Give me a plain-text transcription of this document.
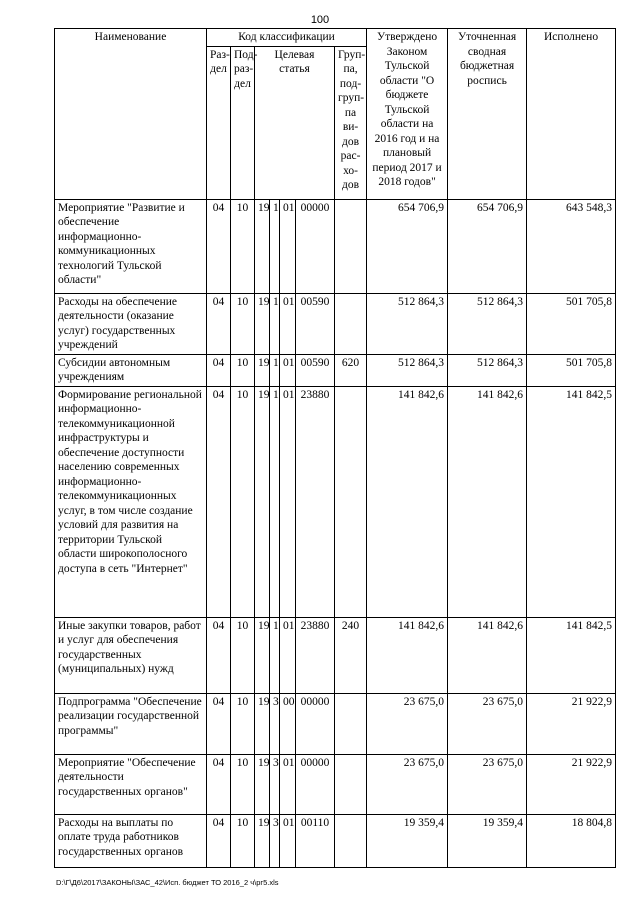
100
Наименование	Код классификации							Утверждено Законом Тульской области "О бюджете Тульской области на 2016 год и на плановый период 2017 и 2018 годов"	Уточненная сводная бюджетная роспись	Исполнено
	Раз-дел	Под-раз-дел	Целевая статья				Груп-па, под-груп-па ви-дов рас-хо-дов			
Мероприятие "Развитие и обеспечение информационно-коммуникационных технологий Тульской области"	04	10	19	1	01	00000		654 706,9	654 706,9	643 548,3
Расходы на обеспечение деятельности (оказание услуг) государственных учреждений	04	10	19	1	01	00590		512 864,3	512 864,3	501 705,8
Субсидии автономным учреждениям	04	10	19	1	01	00590	620	512 864,3	512 864,3	501 705,8
Формирование региональной информационно-телекоммуникационной инфраструктуры и обеспечение доступности населению современных информационно-телекоммуникационных услуг, в том числе создание условий для развития на территории Тульской области широкополосного доступа в сеть "Интернет"	04	10	19	1	01	23880		141 842,6	141 842,6	141 842,5
Иные закупки товаров, работ и услуг для обеспечения государственных (муниципальных) нужд	04	10	19	1	01	23880	240	141 842,6	141 842,6	141 842,5
Подпрограмма "Обеспечение реализации государственной программы"	04	10	19	3	00	00000		23 675,0	23 675,0	21 922,9
Мероприятие "Обеспечение деятельности государственных органов"	04	10	19	3	01	00000		23 675,0	23 675,0	21 922,9
Расходы на выплаты по оплате труда работников государственных органов	04	10	19	3	01	00110		19 359,4	19 359,4	18 804,8
D:\Г\Д6\2017\ЗАКОНЫ\ЗАС_42\Исп. бюджет ТО 2016_2 ч\рг5.xls
